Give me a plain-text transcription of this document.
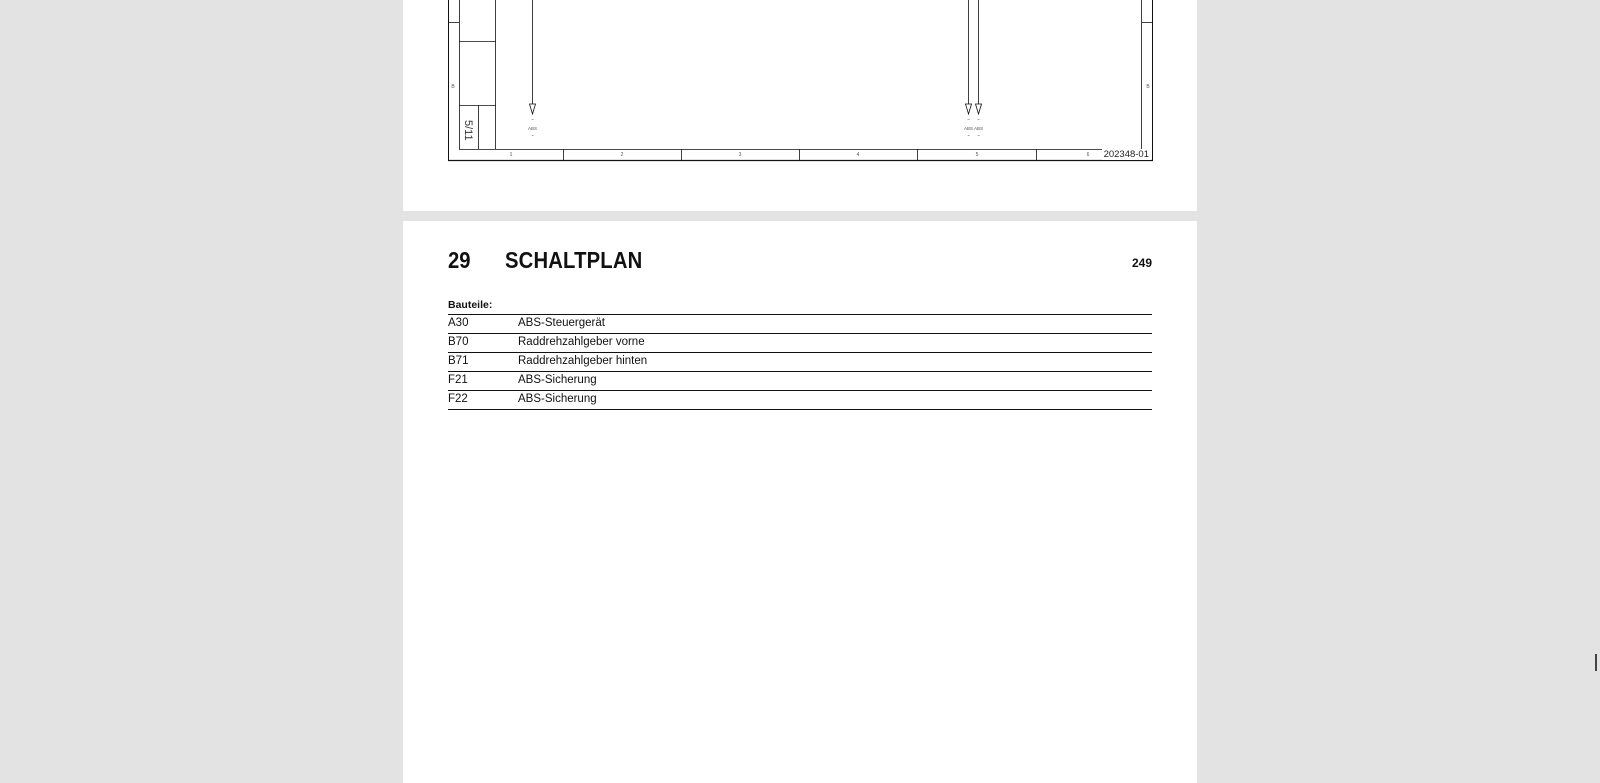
B	B
5/11
1	2	3	4	5	6
~
ABS
~
~
ABS
~
~
ABS
~
202348-01
29 SCHALTPLAN	249
Bauteile:
A30	ABS-Steuergerät
B70	Raddrehzahlgeber vorne
B71	Raddrehzahlgeber hinten
F21	ABS-Sicherung
F22	ABS-Sicherung
